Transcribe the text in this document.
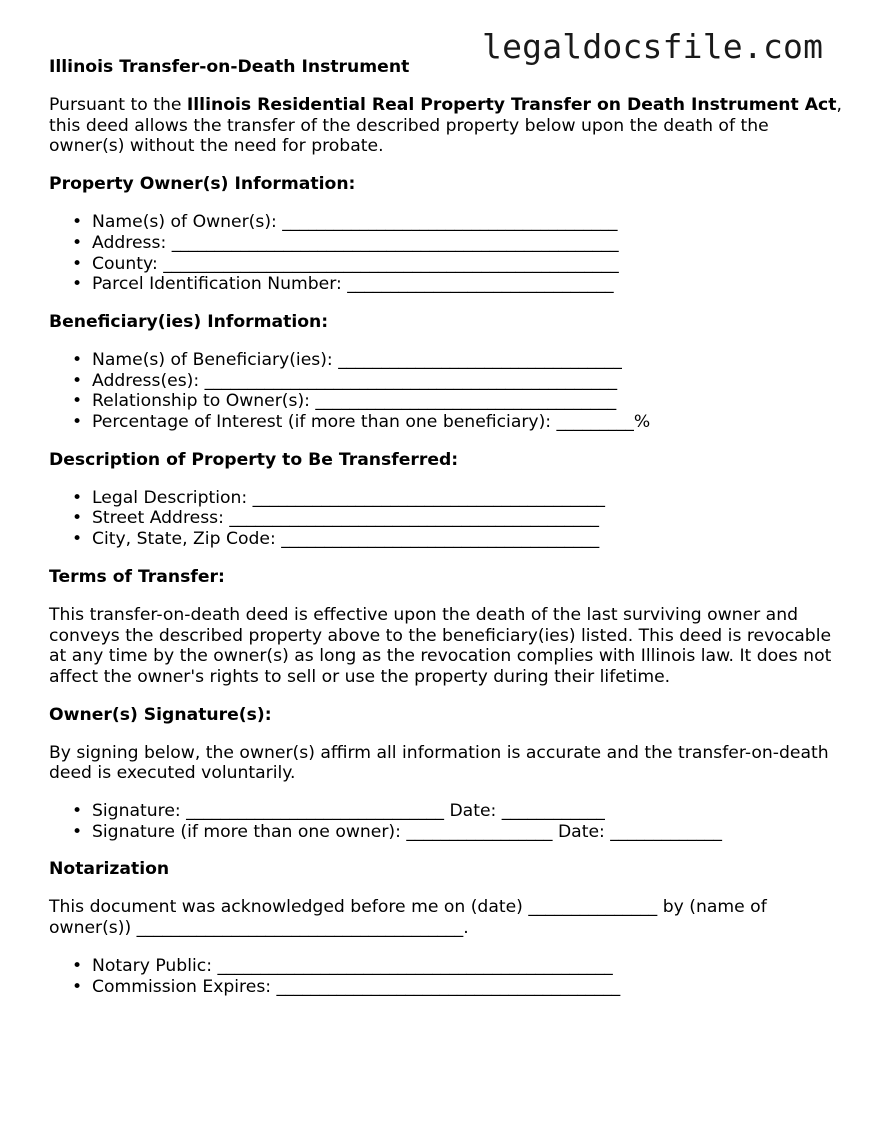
legaldocsfile.com
Illinois Transfer-on-Death Instrument
Pursuant to the Illinois Residential Real Property Transfer on Death Instrument Act, this deed allows the transfer of the described property below upon the death of the owner(s) without the need for probate.
Property Owner(s) Information:
• Name(s) of Owner(s): _______________________________________
• Address: ____________________________________________________
• County: _____________________________________________________
• Parcel Identification Number: _______________________________
Beneficiary(ies) Information:
• Name(s) of Beneficiary(ies): _________________________________
• Address(es): ________________________________________________
• Relationship to Owner(s): ___________________________________
• Percentage of Interest (if more than one beneficiary): _________%
Description of Property to Be Transferred:
• Legal Description: _________________________________________
• Street Address: ___________________________________________
• City, State, Zip Code: _____________________________________
Terms of Transfer:

This transfer-on-death deed is effective upon the death of the last surviving owner and conveys the described property above to the beneficiary(ies) listed. This deed is revocable at any time by the owner(s) as long as the revocation complies with Illinois law. It does not affect the owner's rights to sell or use the property during their lifetime.

Owner(s) Signature(s):

By signing below, the owner(s) affirm all information is accurate and the transfer-on-death deed is executed voluntarily.

• Signature: ______________________________ Date: ____________
• Signature (if more than one owner): _________________ Date: _____________
Notarization

This document was acknowledged before me on (date) _______________ by (name of owner(s)) ______________________________________.

• Notary Public: ______________________________________________
• Commission Expires: ________________________________________
